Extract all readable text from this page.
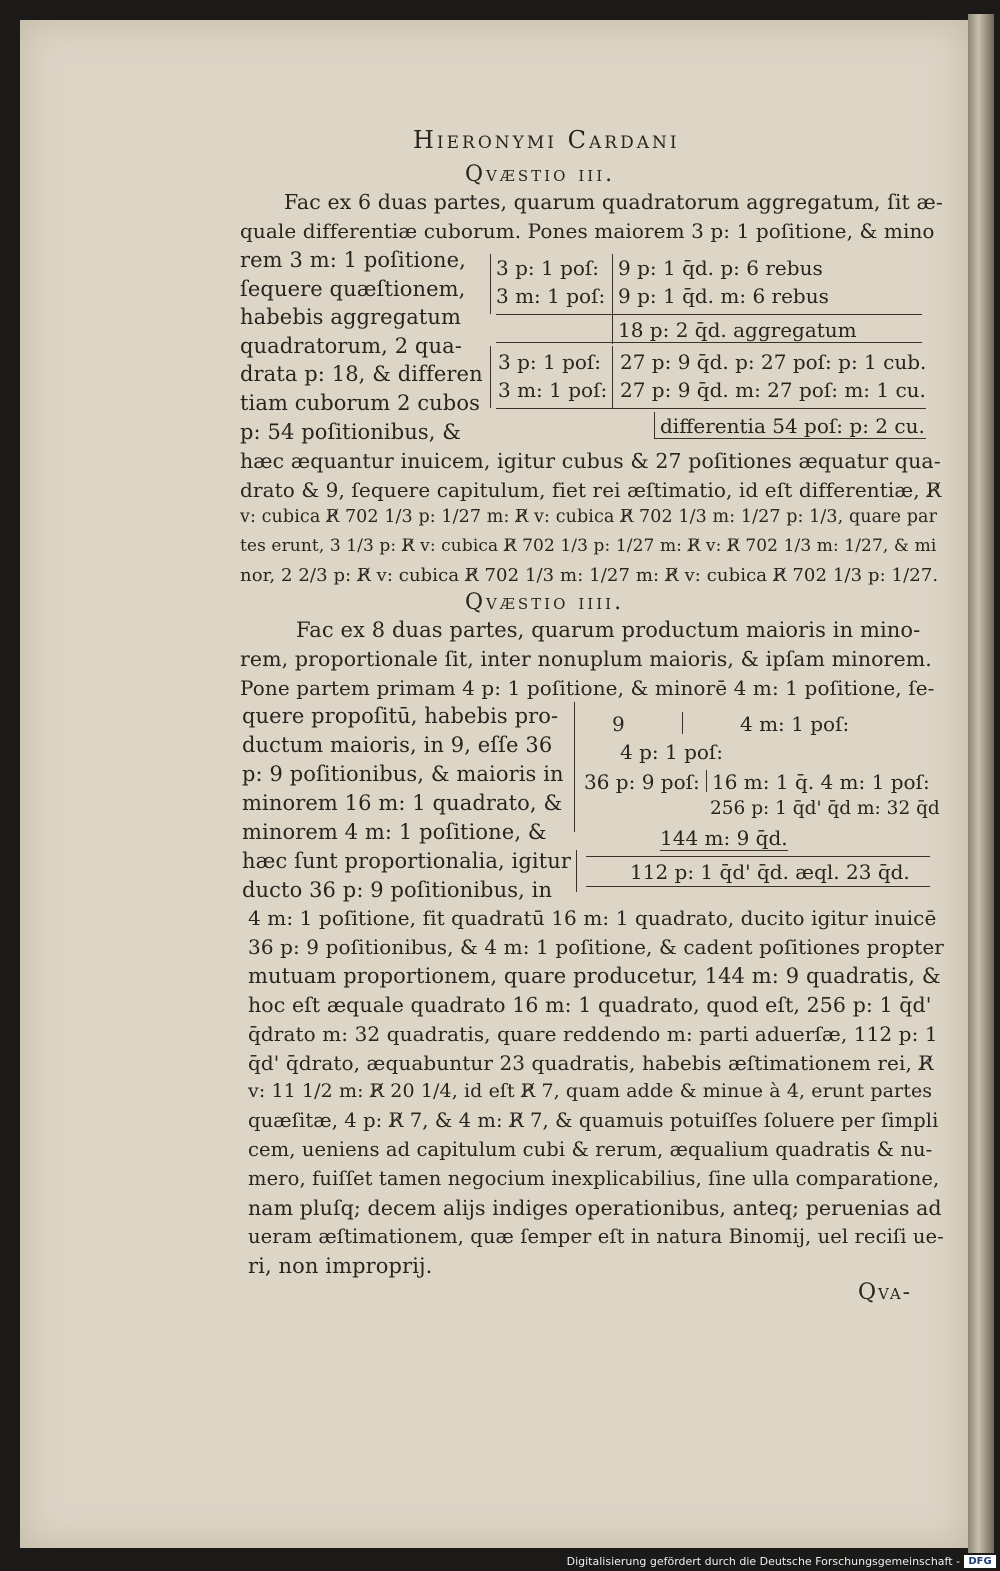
Hieronymi Cardani
Qvæstio iii.
Fac ex 6 duas partes, quarum quadratorum aggregatum, ſit æ-
quale differentiæ cuborum. Pones maiorem 3 p: 1 poſitione, & mino
rem 3 m: 1 poſitione,
ſequere quæſtionem,
habebis aggregatum
quadratorum, 2 qua-
drata p: 18, & differen
tiam cuborum 2 cubos
p: 54 poſitionibus, &
3 p: 1 poſ:
3 m: 1 poſ:
9 p: 1 q̄d. p: 6 rebus
9 p: 1 q̄d. m: 6 rebus
18 p: 2 q̄d. aggregatum
3 p: 1 poſ:
3 m: 1 poſ:
27 p: 9 q̄d. p: 27 poſ: p: 1 cub.
27 p: 9 q̄d. m: 27 poſ: m: 1 cu.
differentia 54 poſ: p: 2 cu.
hæc æquantur inuicem, igitur cubus & 27 poſitiones æquatur qua-
drato & 9, ſequere capitulum, fiet rei æſtimatio, id eſt differentiæ, R̸
v: cubica R̸ 702 1/3 p: 1/27 m: R̸ v: cubica R̸ 702 1/3 m: 1/27 p: 1/3, quare par
tes erunt, 3 1/3 p: R̸ v: cubica R̸ 702 1/3 p: 1/27 m: R̸ v: R̸ 702 1/3 m: 1/27, & mi
nor, 2 2/3 p: R̸ v: cubica R̸ 702 1/3 m: 1/27 m: R̸ v: cubica R̸ 702 1/3 p: 1/27.
Qvæstio iiii.
Fac ex 8 duas partes, quarum productum maioris in mino-
rem, proportionale ſit, inter nonuplum maioris, & ipſam minorem.
Pone partem primam 4 p: 1 poſitione, & minorē 4 m: 1 poſitione, ſe-
quere propoſitū, habebis pro-
ductum maioris, in 9, eſſe 36
p: 9 poſitionibus, & maioris in
minorem 16 m: 1 quadrato, &
minorem 4 m: 1 poſitione, &
hæc ſunt proportionalia, igitur
ducto 36 p: 9 poſitionibus, in
9	4 m: 1 poſ:
4 p: 1 poſ:
36 p: 9 poſ: 16 m: 1 q̄. 4 m: 1 poſ:
256 p: 1 q̄d' q̄d m: 32 q̄d
144 m: 9 q̄d.
112 p: 1 q̄d' q̄d. æql. 23 q̄d.
4 m: 1 poſitione, fit quadratū 16 m: 1 quadrato, ducito igitur inuicē
36 p: 9 poſitionibus, & 4 m: 1 poſitione, & cadent poſitiones propter
mutuam proportionem, quare producetur, 144 m: 9 quadratis, &
hoc eſt æquale quadrato 16 m: 1 quadrato, quod eſt, 256 p: 1 q̄d'
q̄drato m: 32 quadratis, quare reddendo m: parti aduerſæ, 112 p: 1
q̄d' q̄drato, æquabuntur 23 quadratis, habebis æſtimationem rei, R̸
v: 11 1/2 m: R̸ 20 1/4, id eſt R̸ 7, quam adde & minue à 4, erunt partes
quæſitæ, 4 p: R̸ 7, & 4 m: R̸ 7, & quamuis potuiſſes ſoluere per ſimpli
cem, ueniens ad capitulum cubi & rerum, æqualium quadratis & nu-
mero, fuiſſet tamen negocium inexplicabilius, ſine ulla comparatione,
nam pluſq; decem alijs indiges operationibus, anteq; peruenias ad
ueram æſtimationem, quæ ſemper eſt in natura Binomij, uel reciſi ue-
ri, non improprij.
Qva-
Digitalisierung gefördert durch die Deutsche Forschungsgemeinschaft - DFG
